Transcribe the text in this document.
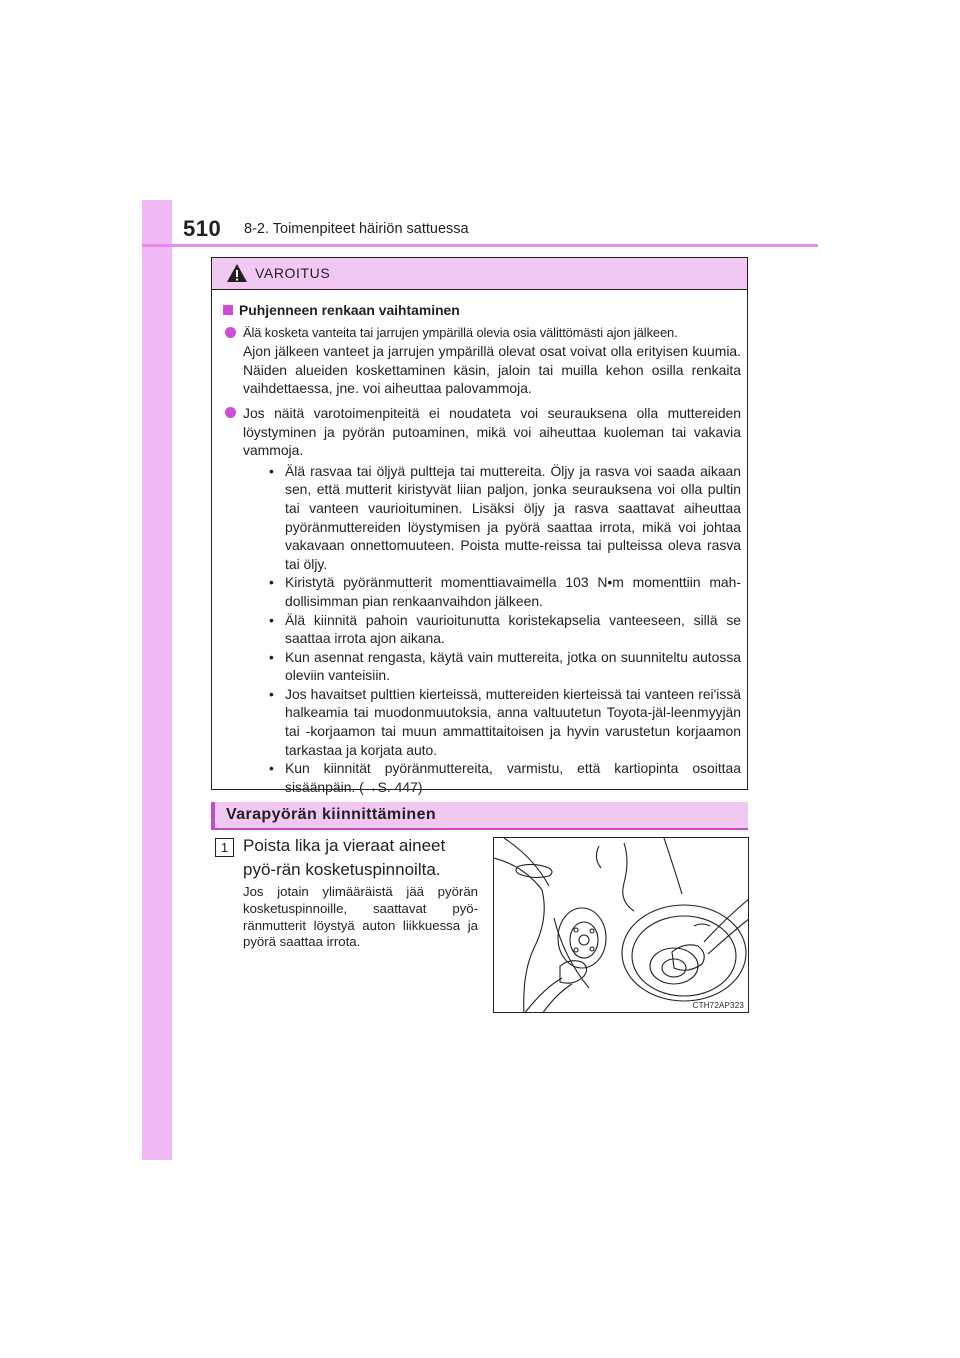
510 8-2. Toimenpiteet häiriön sattuessa
VAROITUS
Puhjenneen renkaan vaihtaminen
Älä kosketa vanteita tai jarrujen ympärillä olevia osia välittömästi ajon jälkeen.
Ajon jälkeen vanteet ja jarrujen ympärillä olevat osat voivat olla erityisen kuumia. Näiden alueiden koskettaminen käsin, jaloin tai muilla kehon osilla renkaita vaihdettaessa, jne. voi aiheuttaa palovammoja.
Jos näitä varotoimenpiteitä ei noudateta voi seurauksena olla muttereiden löystyminen ja pyörän putoaminen, mikä voi aiheuttaa kuoleman tai vakavia vammoja.
• Älä rasvaa tai öljyä pultteja tai muttereita. Öljy ja rasva voi saada aikaan sen, että mutterit kiristyvät liian paljon, jonka seurauksena voi olla pultin tai vanteen vaurioituminen. Lisäksi öljy ja rasva saattavat aiheuttaa pyöränmuttereiden löystymisen ja pyörä saattaa irrota, mikä voi johtaa vakavaan onnettomuuteen. Poista mutte-reissa tai pulteissa oleva rasva tai öljy.
• Kiristytä pyöränmutterit momenttiavaimella 103 N•m momenttiin mah-dollisimman pian renkaanvaihdon jälkeen.
• Älä kiinnitä pahoin vaurioitunutta koristekapselia vanteeseen, sillä se saattaa irrota ajon aikana.
• Kun asennat rengasta, käytä vain muttereita, jotka on suunniteltu autossa oleviin vanteisiin.
• Jos havaitset pulttien kierteissä, muttereiden kierteissä tai vanteen rei'issä halkeamia tai muodonmuutoksia, anna valtuutetun Toyota-jäl-leenmyyjän tai -korjaamon tai muun ammattitaitoisen ja hyvin varustetun korjaamon tarkastaa ja korjata auto.
• Kun kiinnität pyöränmuttereita, varmistu, että kartiopinta osoittaa sisäänpäin. (→S. 447)
Varapyörän kiinnittäminen
1 Poista lika ja vieraat aineet pyö-rän kosketuspinnoilta.
Jos jotain ylimääräistä jää pyörän kosketuspinnoille, saattavat pyö-ränmutterit löystyä auton liikkuessa ja pyörä saattaa irrota.
CTH72AP323
